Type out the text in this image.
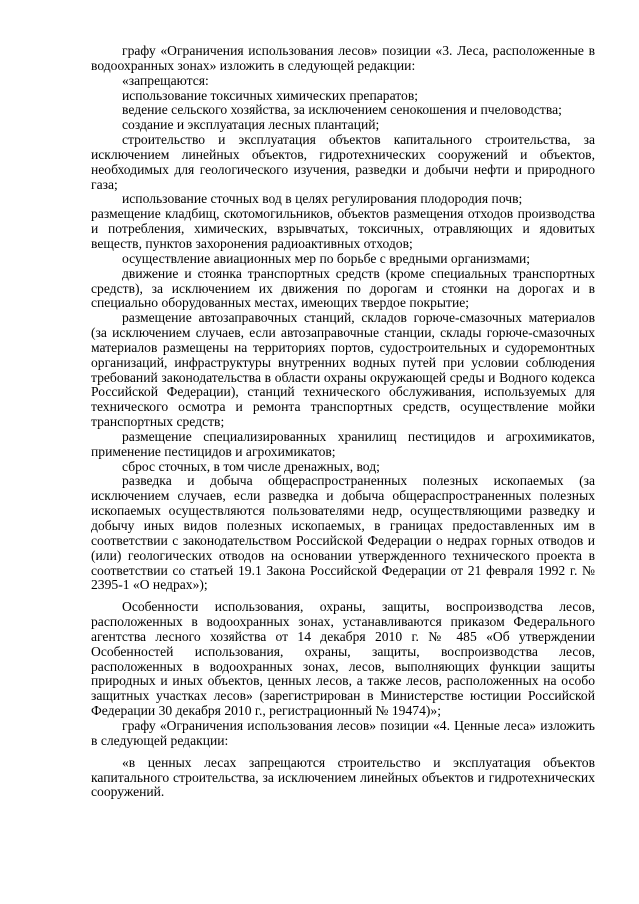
графу «Ограничения использования лесов» позиции «3. Леса, расположенные в водоохранных зонах» изложить в следующей редакции:

«запрещаются:

использование токсичных химических препаратов;

ведение сельского хозяйства, за исключением сенокошения и пчеловодства;

создание и эксплуатация лесных плантаций;

строительство и эксплуатация объектов капитального строительства, за исключением линейных объектов, гидротехнических сооружений и объектов, необходимых для геологического изучения, разведки и добычи нефти и природного газа;

использование сточных вод в целях регулирования плодородия почв;

размещение кладбищ, скотомогильников, объектов размещения отходов производства и потребления, химических, взрывчатых, токсичных, отравляющих и ядовитых веществ, пунктов захоронения радиоактивных отходов;

осуществление авиационных мер по борьбе с вредными организмами;

движение и стоянка транспортных средств (кроме специальных транспортных средств), за исключением их движения по дорогам и стоянки на дорогах и в специально оборудованных местах, имеющих твердое покрытие;

размещение автозаправочных станций, складов горюче-смазочных материалов (за исключением случаев, если автозаправочные станции, склады горюче-смазочных материалов размещены на территориях портов, судостроительных и судоремонтных организаций, инфраструктуры внутренних водных путей при условии соблюдения требований законодательства в области охраны окружающей среды и Водного кодекса Российской Федерации), станций технического обслуживания, используемых для технического осмотра и ремонта транспортных средств, осуществление мойки транспортных средств;

размещение специализированных хранилищ пестицидов и агрохимикатов, применение пестицидов и агрохимикатов;

сброс сточных, в том числе дренажных, вод;

разведка и добыча общераспространенных полезных ископаемых (за исключением случаев, если разведка и добыча общераспространенных полезных ископаемых осуществляются пользователями недр, осуществляющими разведку и добычу иных видов полезных ископаемых, в границах предоставленных им в соответствии с законодательством Российской Федерации о недрах горных отводов и (или) геологических отводов на основании утвержденного технического проекта в соответствии со статьей 19.1 Закона Российской Федерации от 21 февраля 1992 г. № 2395-1 «О недрах»);

Особенности использования, охраны, защиты, воспроизводства лесов, расположенных в водоохранных зонах, устанавливаются приказом Федерального агентства лесного хозяйства от 14 декабря 2010 г. № 485 «Об утверждении Особенностей использования, охраны, защиты, воспроизводства лесов, расположенных в водоохранных зонах, лесов, выполняющих функции защиты природных и иных объектов, ценных лесов, а также лесов, расположенных на особо защитных участках лесов» (зарегистрирован в Министерстве юстиции Российской Федерации 30 декабря 2010 г., регистрационный № 19474)»;

графу «Ограничения использования лесов» позиции «4. Ценные леса» изложить в следующей редакции:

«в ценных лесах запрещаются строительство и эксплуатация объектов капитального строительства, за исключением линейных объектов и гидротехнических сооружений.
